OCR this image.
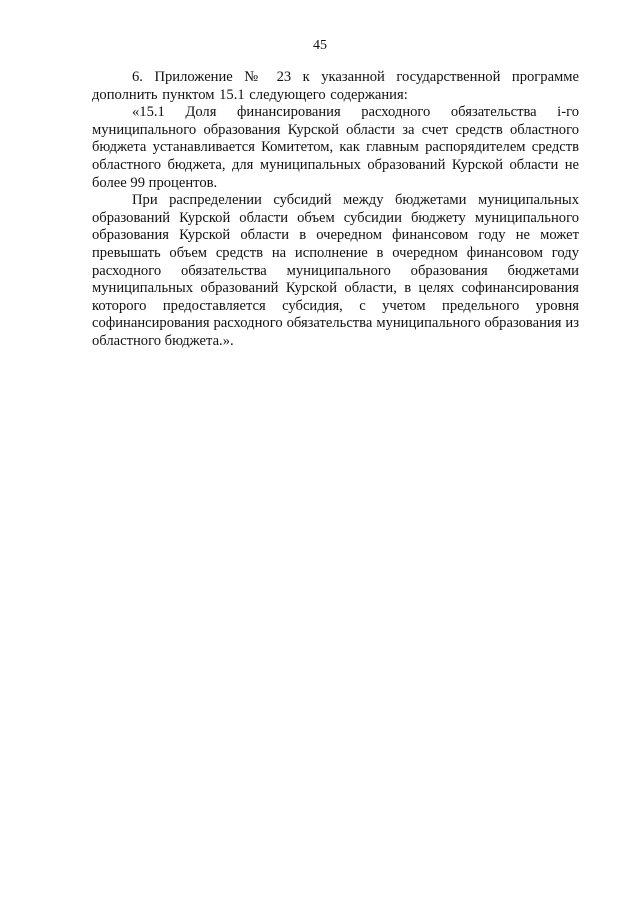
45

6. Приложение № 23 к указанной государственной программе дополнить пунктом 15.1 следующего содержания:

«15.1 Доля финансирования расходного обязательства i-го муниципального образования Курской области за счет средств областного бюджета устанавливается Комитетом, как главным распорядителем средств областного бюджета, для муниципальных образований Курской области не более 99 процентов.

При распределении субсидий между бюджетами муниципальных образований Курской области объем субсидии бюджету муниципального образования Курской области в очередном финансовом году не может превышать объем средств на исполнение в очередном финансовом году расходного обязательства муниципального образования бюджетами муниципальных образований Курской области, в целях софинансирования которого предоставляется субсидия, с учетом предельного уровня софинансирования расходного обязательства муниципального образования из областного бюджета.».
